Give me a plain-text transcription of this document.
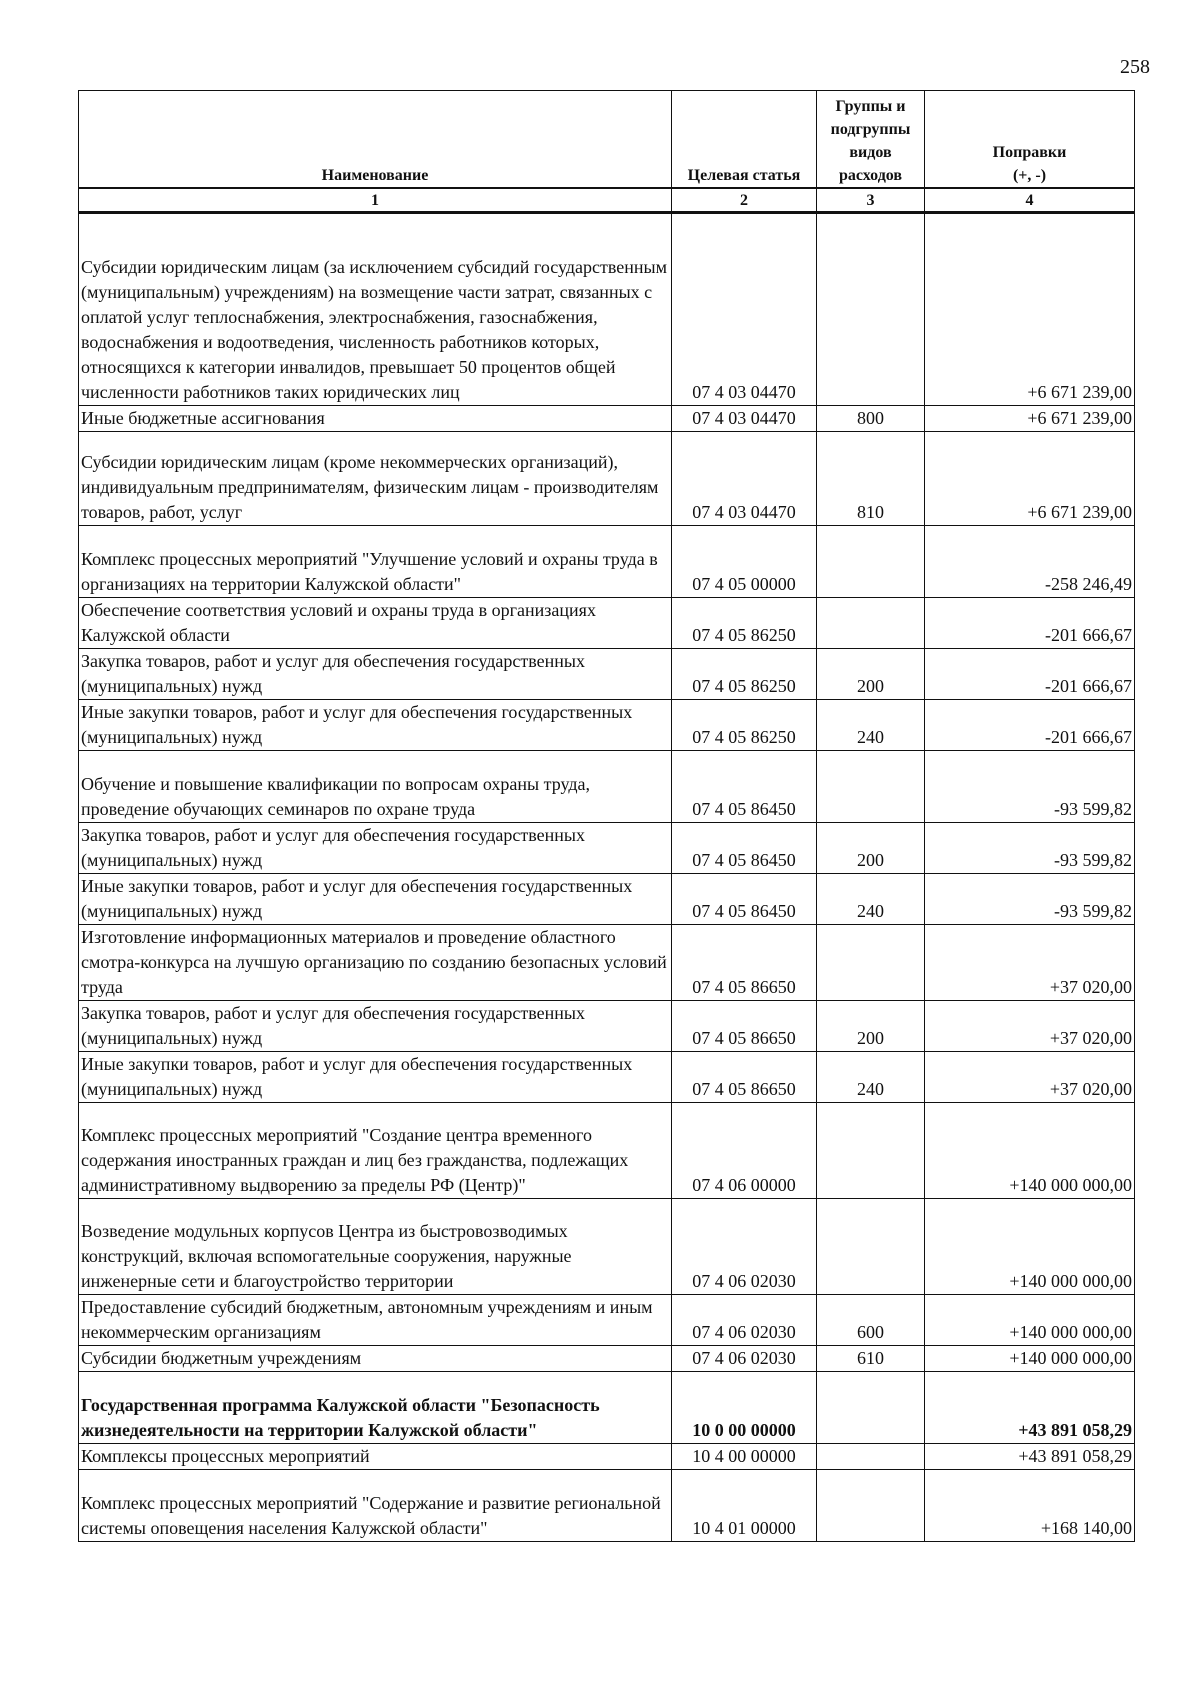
258
Наименование	Целевая статья	Группы и подгруппы видов расходов	Поправки
(+, -)
1	2	3	4
Субсидии юридическим лицам (за исключением субсидий государственным (муниципальным) учреждениям) на возмещение части затрат, связанных с оплатой услуг теплоснабжения, электроснабжения, газоснабжения, водоснабжения и водоотведения, численность работников которых, относящихся к категории инвалидов, превышает 50 процентов общей численности работников таких юридических лиц	07 4 03 04470		+6 671 239,00
Иные бюджетные ассигнования	07 4 03 04470	800	+6 671 239,00
Субсидии юридическим лицам (кроме некоммерческих организаций), индивидуальным предпринимателям, физическим лицам - производителям товаров, работ, услуг	07 4 03 04470	810	+6 671 239,00
Комплекс процессных мероприятий "Улучшение условий и охраны труда в организациях на территории Калужской области"	07 4 05 00000		-258 246,49
Обеспечение соответствия условий и охраны труда в организациях Калужской области	07 4 05 86250		-201 666,67
Закупка товаров, работ и услуг для обеспечения государственных (муниципальных) нужд	07 4 05 86250	200	-201 666,67
Иные закупки товаров, работ и услуг для обеспечения государственных (муниципальных) нужд	07 4 05 86250	240	-201 666,67
Обучение и повышение квалификации по вопросам охраны труда, проведение обучающих семинаров по охране труда	07 4 05 86450		-93 599,82
Закупка товаров, работ и услуг для обеспечения государственных (муниципальных) нужд	07 4 05 86450	200	-93 599,82
Иные закупки товаров, работ и услуг для обеспечения государственных (муниципальных) нужд	07 4 05 86450	240	-93 599,82
Изготовление информационных материалов и проведение областного смотра-конкурса на лучшую организацию по созданию безопасных условий труда	07 4 05 86650		+37 020,00
Закупка товаров, работ и услуг для обеспечения государственных (муниципальных) нужд	07 4 05 86650	200	+37 020,00
Иные закупки товаров, работ и услуг для обеспечения государственных (муниципальных) нужд	07 4 05 86650	240	+37 020,00
Комплекс процессных мероприятий "Создание центра временного содержания иностранных граждан и лиц без гражданства, подлежащих административному выдворению за пределы РФ (Центр)"	07 4 06 00000		+140 000 000,00
Возведение модульных корпусов Центра из быстровозводимых конструкций, включая вспомогательные сооружения, наружные инженерные сети и благоустройство территории	07 4 06 02030		+140 000 000,00
Предоставление субсидий бюджетным, автономным учреждениям и иным некоммерческим организациям	07 4 06 02030	600	+140 000 000,00
Субсидии бюджетным учреждениям	07 4 06 02030	610	+140 000 000,00
Государственная программа Калужской области "Безопасность жизнедеятельности на территории Калужской области"	10 0 00 00000		+43 891 058,29
Комплексы процессных мероприятий	10 4 00 00000		+43 891 058,29
Комплекс процессных мероприятий "Содержание и развитие региональной системы оповещения населения Калужской области"	10 4 01 00000		+168 140,00
